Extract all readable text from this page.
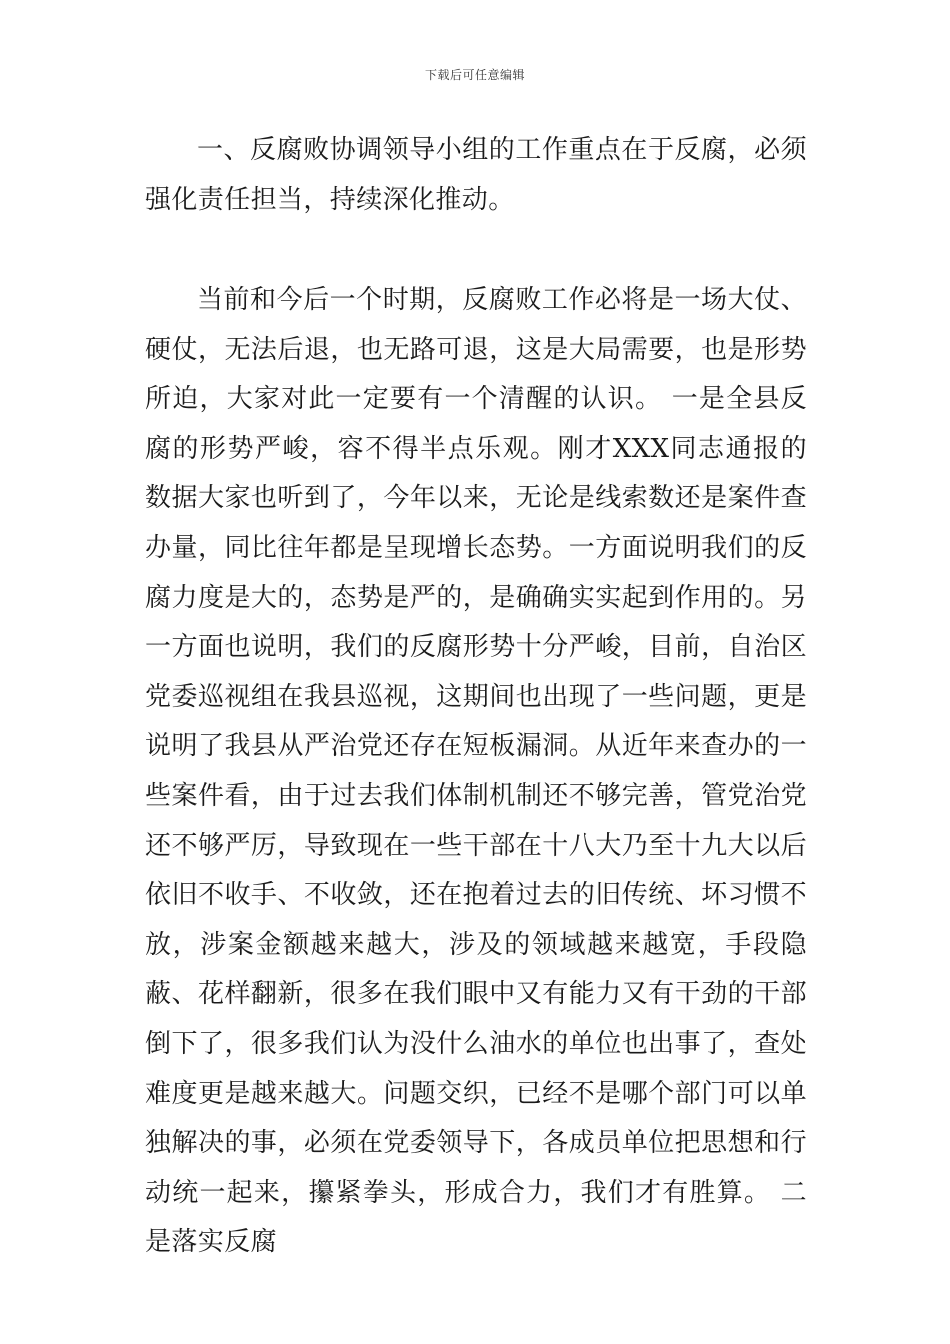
下载后可任意编辑

一、反腐败协调领导小组的工作重点在于反腐，必须强化责任担当，持续深化推动。

当前和今后一个时期，反腐败工作必将是一场大仗、硬仗，无法后退，也无路可退，这是大局需要，也是形势所迫，大家对此一定要有一个清醒的认识。 一是全县反腐的形势严峻，容不得半点乐观。刚才XXX同志通报的数据大家也听到了，今年以来，无论是线索数还是案件查办量，同比往年都是呈现增长态势。一方面说明我们的反腐力度是大的，态势是严的，是确确实实起到作用的。另一方面也说明，我们的反腐形势十分严峻，目前，自治区党委巡视组在我县巡视，这期间也出现了一些问题，更是说明了我县从严治党还存在短板漏洞。从近年来查办的一些案件看，由于过去我们体制机制还不够完善，管党治党还不够严厉，导致现在一些干部在十八大乃至十九大以后依旧不收手、不收敛，还在抱着过去的旧传统、坏习惯不放，涉案金额越来越大，涉及的领域越来越宽，手段隐蔽、花样翻新，很多在我们眼中又有能力又有干劲的干部倒下了，很多我们认为没什么油水的单位也出事了，查处难度更是越来越大。问题交织，已经不是哪个部门可以单独解决的事，必须在党委领导下，各成员单位把思想和行动统一起来，攥紧拳头，形成合力，我们才有胜算。 二是落实反腐
